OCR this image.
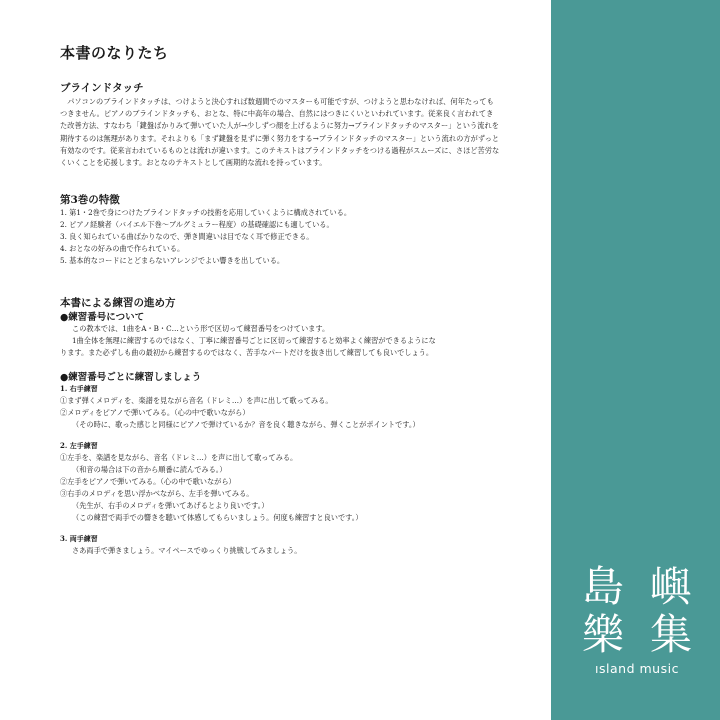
本書のなりたち
ブラインドタッチ
パソコンのブラインドタッチは、つけようと決心すれば数週間でのマスターも可能ですが、つけようと思わなければ、何年たってもつきません。ピアノのブラインドタッチも、おとな、特に中高年の場合、自然にはつきにくいといわれています。従来良く言われてきた改善方法、すなわち「鍵盤ばかりみて弾いていた人が→少しずつ顔を上げるように努力→ブラインドタッチのマスター」という流れを期待するのは無理があります。それよりも「まず鍵盤を見ずに弾く努力をする→ブラインドタッチのマスター」という流れの方がずっと有効なのです。従来言われているものとは流れが違います。このテキストはブラインドタッチをつける過程がスムーズに、さほど苦労なくいくことを応援します。おとなのテキストとして画期的な流れを持っています。
第3巻の特徴
1. 第1・2巻で身につけたブラインドタッチの技術を応用していくように構成されている。
2. ピアノ経験者（バイエル下巻～ブルグミュラー程度）の基礎確認にも適している。
3. 良く知られている曲ばかりなので、弾き間違いは目でなく耳で修正できる。
4. おとなの好みの曲で作られている。
5. 基本的なコードにとどまらないアレンジでよい響きを出している。
本書による練習の進め方
●練習番号について
この教本では、1曲をA・B・C…という形で区切って練習番号をつけています。
1曲全体を無理に練習するのではなく、丁寧に練習番号ごとに区切って練習すると効率よく練習ができるようにな
ります。また必ずしも曲の最初から練習するのではなく、苦手なパートだけを抜き出して練習しても良いでしょう。
●練習番号ごとに練習しましょう
1. 右手練習
①まず弾くメロディを、楽譜を見ながら音名（ドレミ…）を声に出して歌ってみる。
②メロディをピアノで弾いてみる。（心の中で歌いながら）
（その時に、歌った感じと同様にピアノで弾けているか？音を良く聴きながら、弾くことがポイントです。）
2. 左手練習
①左手を、楽譜を見ながら、音名（ドレミ…）を声に出して歌ってみる。
（和音の場合は下の音から順番に読んでみる。）
②左手をピアノで弾いてみる。（心の中で歌いながら）
③右手のメロディを思い浮かべながら、左手を弾いてみる。
（先生が、右手のメロディを弾いてあげるとより良いです。）
（この練習で両手での響きを聴いて体感してもらいましょう。何度も練習すと良いです。）
3. 両手練習
さあ両手で弾きましょう。マイペースでゆっくり挑戦してみましょう。
島 嶼
樂 集
ısland music
